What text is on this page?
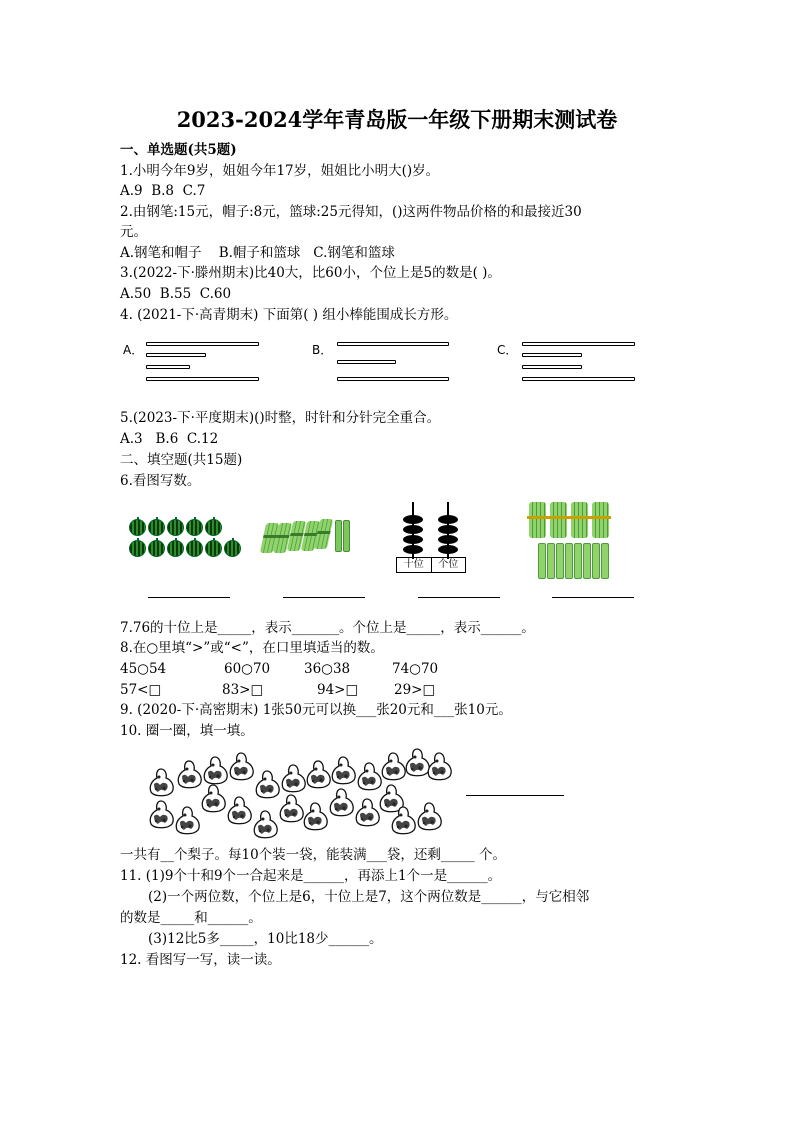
2023-2024学年青岛版一年级下册期末测试卷
一、单选题(共5题)
1.小明今年9岁，姐姐今年17岁，姐姐比小明大()岁。
A.9  B.8  C.7
2.由钢笔:15元，帽子:8元，篮球:25元得知，()这两件物品价格的和最接近30
元。
A.钢笔和帽子    B.帽子和篮球   C.钢笔和篮球
3.(2022-下·滕州期末)比40大，比60小，个位上是5的数是( )。
A.50  B.55  C.60
4. (2021-下·高青期末) 下面第( ) 组小棒能围成长方形。
A．	B．	C．
5.(2023-下·平度期末)()时整，时针和分针完全重合。
A.3   B.6  C.12
二、填空题(共15题)
6.看图写数。
十位	个位
7.76的十位上是_____，表示_______。个位上是_____，表示______。
8.在○里填“>”或“<”，在口里填适当的数。
45○54	60○70	36○38	74○70
57<□	83>□	94>□	29>□
9. (2020-下·高密期末) 1张50元可以换___张20元和___张10元。
10. 圈一圈，填一填。
一共有__个梨子。每10个装一袋，能装满___袋，还剩_____ 个。
11. (1)9个十和9个一合起来是______，再添上1个一是______。
(2)一个两位数，个位上是6，十位上是7，这个两位数是______，与它相邻
的数是_____和______。
(3)12比5多_____，10比18少______。
12. 看图写一写，读一读。
